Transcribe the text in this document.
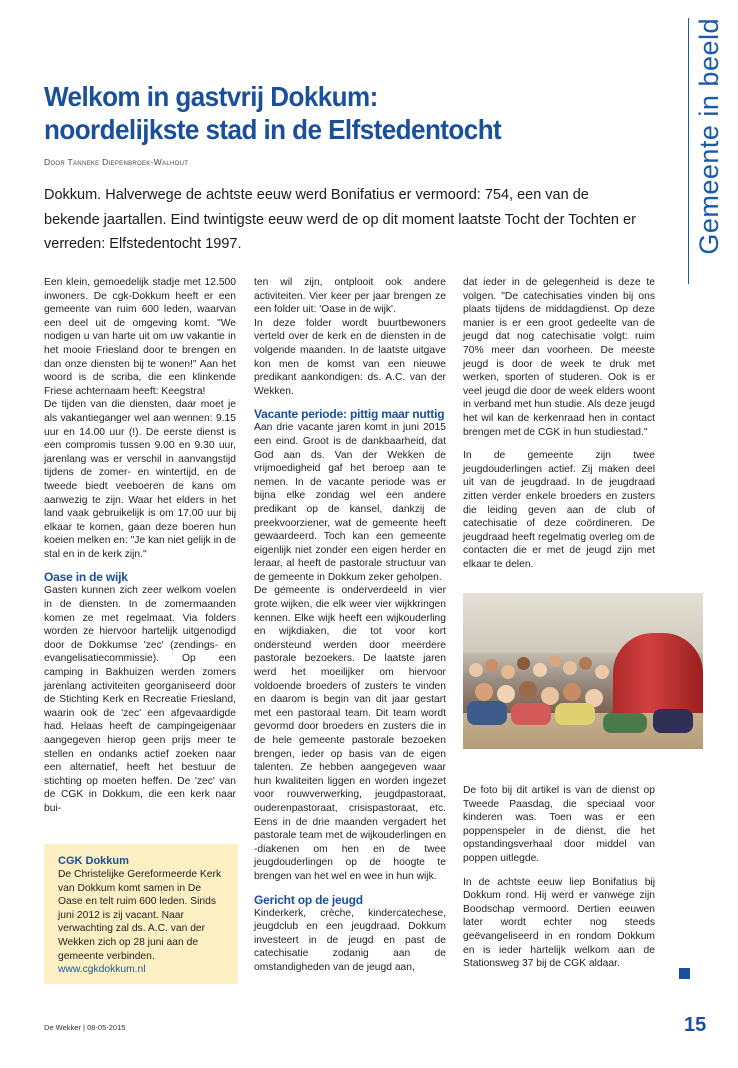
Gemeente in beeld
Welkom in gastvrij Dokkum:
noordelijkste stad in de Elfstedentocht
Door Tanneke Diepenbroek-Walhout

Dokkum. Halverwege de achtste eeuw werd Bonifatius er vermoord: 754, een van de bekende jaartallen. Eind twintigste eeuw werd de op dit moment laatste Tocht der Tochten er verreden: Elfstedentocht 1997.

Een klein, gemoedelijk stadje met 12.500 inwoners. De cgk-Dokkum heeft er een gemeente van ruim 600 leden, waarvan een deel uit de omgeving komt. "We nodigen u van harte uit om uw vakantie in het mooie Friesland door te brengen en dan onze diensten bij te wonen!" Aan het woord is de scriba, die een klinkende Friese achternaam heeft: Keegstra!

De tijden van die diensten, daar moet je als vakantieganger wel aan wennen: 9.15 uur en 14.00 uur (!). De eerste dienst is een compromis tussen 9.00 en 9.30 uur, jarenlang was er verschil in aanvangstijd tijdens de zomer- en wintertijd, en de tweede biedt veeboeren de kans om aanwezig te zijn. Waar het elders in het land vaak gebruikelijk is om 17.00 uur bij elkaar te komen, gaan deze boeren hun koeien melken en: "Je kan niet gelijk in de stal en in de kerk zijn."

Oase in de wijk

Gasten kunnen zich zeer welkom voelen in de diensten. In de zomermaanden komen ze met regelmaat. Via folders worden ze hiervoor hartelijk uitgenodigd door de Dokkumse 'zec' (zendings- en evangelisatiecommissie). Op een camping in Bakhuizen werden zomers jarenlang activiteiten georganiseerd door de Stichting Kerk en Recreatie Friesland, waarin ook de 'zec' een afgevaardigde had. Helaas heeft de campingeigenaar aangegeven hierop geen prijs meer te stellen en ondanks actief zoeken naar een alternatief, heeft het bestuur de stichting op moeten heffen. De 'zec' van de CGK in Dokkum, die een kerk naar bui-

CGK Dokkum

De Christelijke Gereformeerde Kerk van Dokkum komt samen in De Oase en telt ruim 600 leden. Sinds juni 2012 is zij vacant. Naar verwachting zal ds. A.C. van der Wekken zich op 28 juni aan de gemeente verbinden.

www.cgkdokkum.nl

ten wil zijn, ontplooit ook andere activiteiten. Vier keer per jaar brengen ze een folder uit: 'Oase in de wijk'.

In deze folder wordt buurtbewoners verteld over de kerk en de diensten in de volgende maanden. In de laatste uitgave kon men de komst van een nieuwe predikant aankondigen: ds. A.C. van der Wekken.

Vacante periode: pittig maar nuttig

Aan drie vacante jaren komt in juni 2015 een eind. Groot is de dankbaarheid, dat God aan ds. Van der Wekken de vrijmoedigheid gaf het beroep aan te nemen. In de vacante periode was er bijna elke zondag wel een andere predikant op de kansel, dankzij de preekvoorziener, wat de gemeente heeft gewaardeerd. Toch kan een gemeente eigenlijk niet zonder een eigen herder en leraar, al heeft de pastorale structuur van de gemeente in Dokkum zeker geholpen.

De gemeente is onderverdeeld in vier grote wijken, die elk weer vier wijkkringen kennen. Elke wijk heeft een wijkouderling en wijkdiaken, die tot voor kort ondersteund werden door meerdere pastorale bezoekers. De laatste jaren werd het moeilijker om hiervoor voldoende broeders of zusters te vinden en daarom is begin van dit jaar gestart met een pastoraal team. Dit team wordt gevormd door broeders en zusters die in de hele gemeente pastorale bezoeken brengen, ieder op basis van de eigen talenten. Ze hebben aangegeven waar hun kwaliteiten liggen en worden ingezet voor rouwverwerking, jeugdpastoraat, ouderenpastoraat, crisispastoraat, etc. Eens in de drie maanden vergadert het pastorale team met de wijkouderlingen en -diakenen om hen en de twee jeugdouderlingen op de hoogte te brengen van het wel en wee in hun wijk.

Gericht op de jeugd

Kinderkerk, crèche, kindercatechese, jeugdclub en een jeugdraad. Dokkum investeert in de jeugd en past de catechisatie zodanig aan de omstandigheden van de jeugd aan,

dat ieder in de gelegenheid is deze te volgen. "De catechisaties vinden bij ons plaats tijdens de middagdienst. Op deze manier is er een groot gedeelte van de jeugd dat nog catechisatie volgt: ruim 70% meer dan voorheen. De meeste jeugd is door de week te druk met werken, sporten of studeren. Ook is er veel jeugd die door de week elders woont in verband met hun studie. Als deze jeugd het wil kan de kerkenraad hen in contact brengen met de CGK in hun studiestad."

In de gemeente zijn twee jeugdouderlingen actief. Zij maken deel uit van de jeugdraad. In de jeugdraad zitten verder enkele broeders en zusters die leiding geven aan de club of catechisatie of deze coördineren. De jeugdraad heeft regelmatig overleg om de contacten die er met de jeugd zijn met elkaar te delen.

De foto bij dit artikel is van de dienst op Tweede Paasdag, die speciaal voor kinderen was. Toen was er een poppenspeler in de dienst, die het opstandingsverhaal door middel van poppen uitlegde.

In de achtste eeuw liep Bonifatius bij Dokkum rond. Hij werd er vanwege zijn Boodschap vermoord. Dertien eeuwen later wordt echter nog steeds geëvangeliseerd in en rondom Dokkum en is ieder hartelijk welkom aan de Stationsweg 37 bij de CGK aldaar.

De Wekker | 08-05-2015	15
